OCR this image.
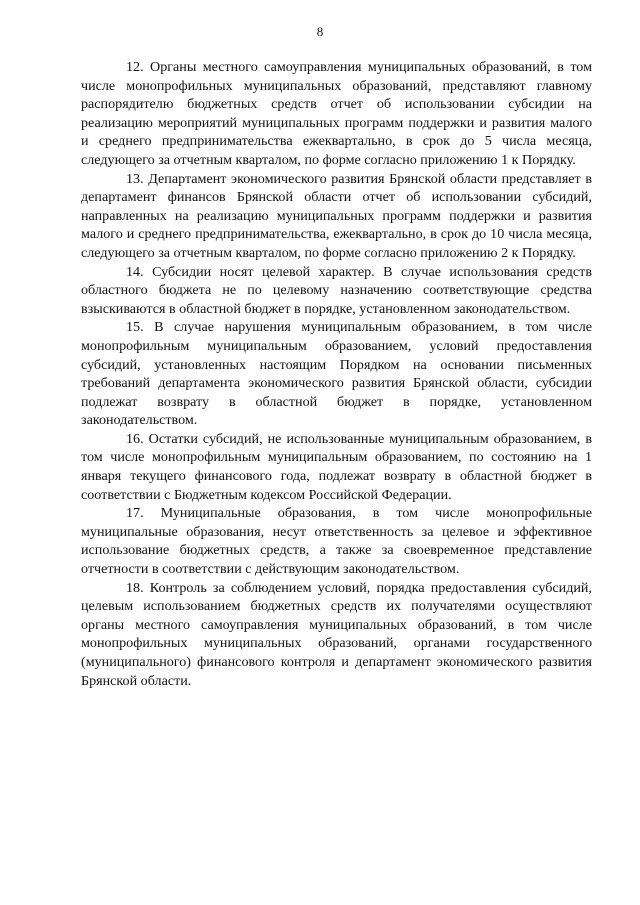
8

12. Органы местного самоуправления муниципальных образований, в том числе монопрофильных муниципальных образований, представляют главному распорядителю бюджетных средств отчет об использовании субсидии на реализацию мероприятий муниципальных программ поддержки и развития малого и среднего предпринимательства ежеквартально, в срок до 5 числа месяца, следующего за отчетным кварталом, по форме согласно приложению 1 к Порядку.

13. Департамент экономического развития Брянской области представляет в департамент финансов Брянской области отчет об использовании субсидий, направленных на реализацию муниципальных программ поддержки и развития малого и среднего предпринимательства, ежеквартально, в срок до 10 числа месяца, следующего за отчетным кварталом, по форме согласно приложению 2 к Порядку.

14. Субсидии носят целевой характер. В случае использования средств областного бюджета не по целевому назначению соответствующие средства взыскиваются в областной бюджет в порядке, установленном законодательством.

15. В случае нарушения муниципальным образованием, в том числе монопрофильным муниципальным образованием, условий предоставления субсидий, установленных настоящим Порядком на основании письменных требований департамента экономического развития Брянской области, субсидии подлежат возврату в областной бюджет в порядке, установленном законодательством.

16. Остатки субсидий, не использованные муниципальным образованием, в том числе монопрофильным муниципальным образованием, по состоянию на 1 января текущего финансового года, подлежат возврату в областной бюджет в соответствии с Бюджетным кодексом Российской Федерации.

17. Муниципальные образования, в том числе монопрофильные муниципальные образования, несут ответственность за целевое и эффективное использование бюджетных средств, а также за своевременное представление отчетности в соответствии с действующим законодательством.

18. Контроль за соблюдением условий, порядка предоставления субсидий, целевым использованием бюджетных средств их получателями осуществляют органы местного самоуправления муниципальных образований, в том числе монопрофильных муниципальных образований, органами государственного (муниципального) финансового контроля и департамент экономического развития Брянской области.
